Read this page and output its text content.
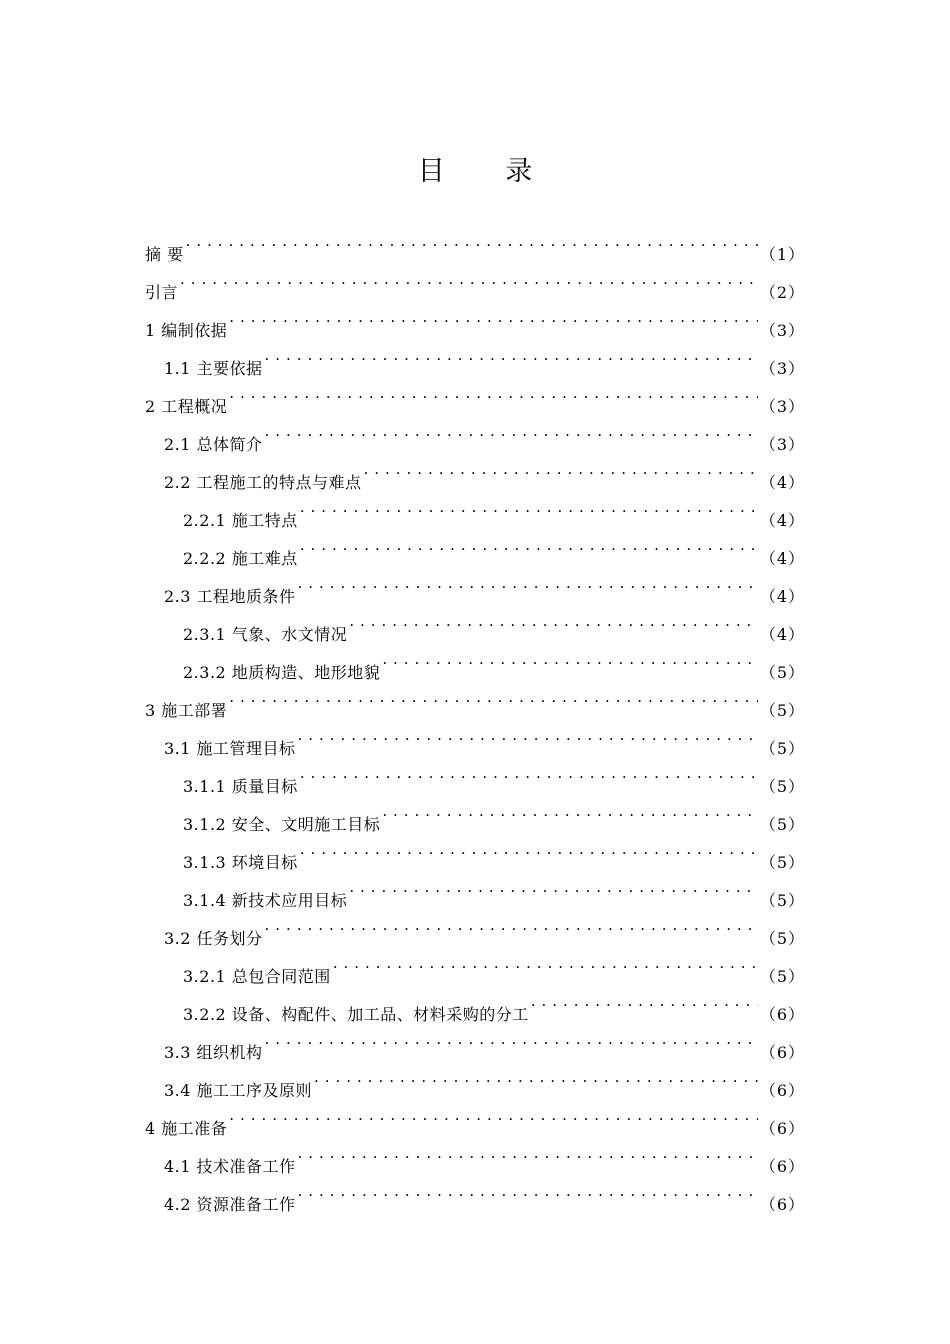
目 录
摘 要 . . .	（1）
引言 . . .	（2）
1 编制依据 . . .	（3）
1.1 主要依据 . . .	（3）
2 工程概况 . . .	（3）
2.1 总体简介 . . .	（3）
2.2 工程施工的特点与难点 . . .	（4）
2.2.1 施工特点 . . .	（4）
2.2.2 施工难点 . . .	（4）
2.3 工程地质条件 . . .	（4）
2.3.1 气象、水文情况 . . .	（4）
2.3.2 地质构造、地形地貌 . . .	（5）
3 施工部署 . . .	（5）
3.1 施工管理目标 . . .	（5）
3.1.1 质量目标 . . .	（5）
3.1.2 安全、文明施工目标 . . .	（5）
3.1.3 环境目标 . . .	（5）
3.1.4 新技术应用目标 . . .	（5）
3.2 任务划分 . . .	（5）
3.2.1 总包合同范围 . . .	（5）
3.2.2 设备、构配件、加工品、材料采购的分工 . . .	（6）
3.3 组织机构 . . .	（6）
3.4 施工工序及原则 . . .	（6）
4 施工准备 . . .	（6）
4.1 技术准备工作 . . .	（6）
4.2 资源准备工作 . . .	（6）
